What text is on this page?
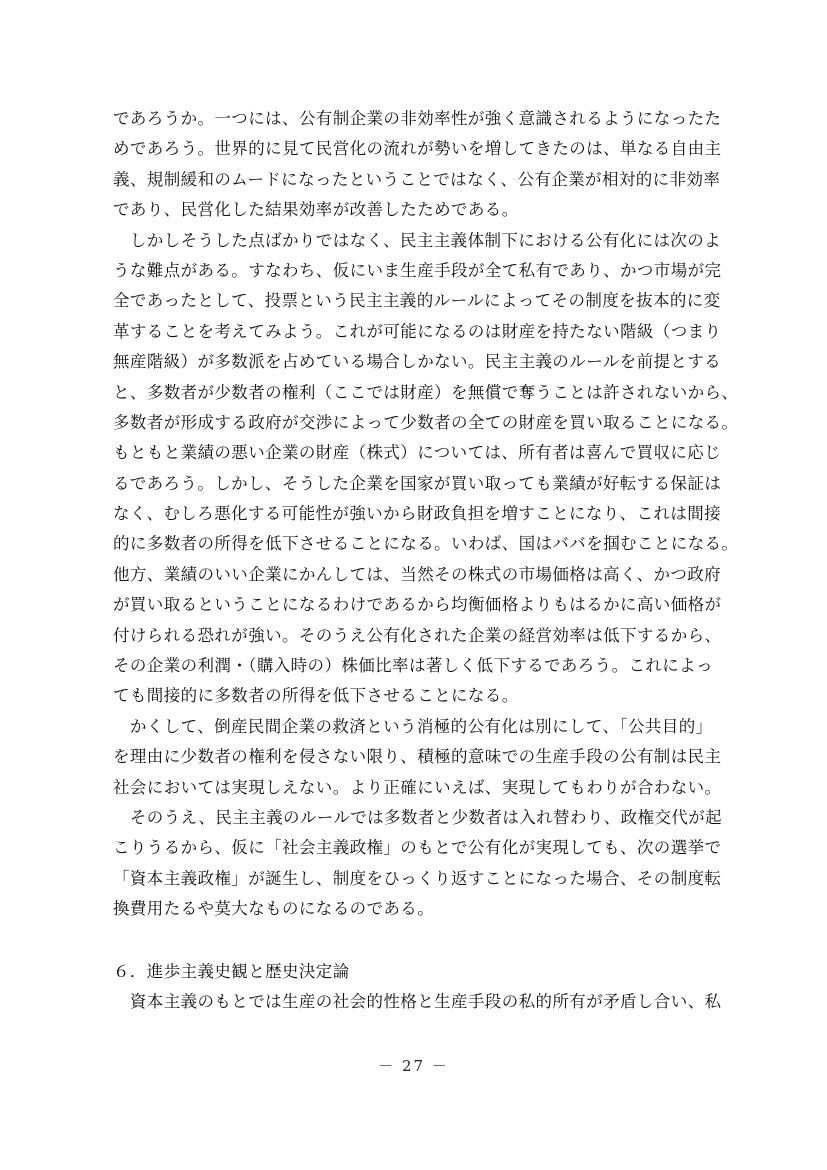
であろうか。一つには、公有制企業の非効率性が強く意識されるようになったた
めであろう。世界的に見て民営化の流れが勢いを増してきたのは、単なる自由主
義、規制緩和のムードになったということではなく、公有企業が相対的に非効率
であり、民営化した結果効率が改善したためである。
　しかしそうした点ばかりではなく、民主主義体制下における公有化には次のよ
うな難点がある。すなわち、仮にいま生産手段が全て私有であり、かつ市場が完
全であったとして、投票という民主主義的ルールによってその制度を抜本的に変
革することを考えてみよう。これが可能になるのは財産を持たない階級（つまり
無産階級）が多数派を占めている場合しかない。民主主義のルールを前提とする
と、多数者が少数者の権利（ここでは財産）を無償で奪うことは許されないから、
多数者が形成する政府が交渉によって少数者の全ての財産を買い取ることになる。
もともと業績の悪い企業の財産（株式）については、所有者は喜んで買収に応じ
るであろう。しかし、そうした企業を国家が買い取っても業績が好転する保証は
なく、むしろ悪化する可能性が強いから財政負担を増すことになり、これは間接
的に多数者の所得を低下させることになる。いわば、国はババを掴むことになる。
他方、業績のいい企業にかんしては、当然その株式の市場価格は高く、かつ政府
が買い取るということになるわけであるから均衡価格よりもはるかに高い価格が
付けられる恐れが強い。そのうえ公有化された企業の経営効率は低下するから、
その企業の利潤・（購入時の）株価比率は著しく低下するであろう。これによっ
ても間接的に多数者の所得を低下させることになる。
　かくして、倒産民間企業の救済という消極的公有化は別にして、「公共目的」
を理由に少数者の権利を侵さない限り、積極的意味での生産手段の公有制は民主
社会においては実現しえない。より正確にいえば、実現してもわりが合わない。
　そのうえ、民主主義のルールでは多数者と少数者は入れ替わり、政権交代が起
こりうるから、仮に「社会主義政権」のもとで公有化が実現しても、次の選挙で
「資本主義政権」が誕生し、制度をひっくり返すことになった場合、その制度転
換費用たるや莫大なものになるのである。
６．進歩主義史観と歴史決定論
　資本主義のもとでは生産の社会的性格と生産手段の私的所有が矛盾し合い、私
－ 27 －
